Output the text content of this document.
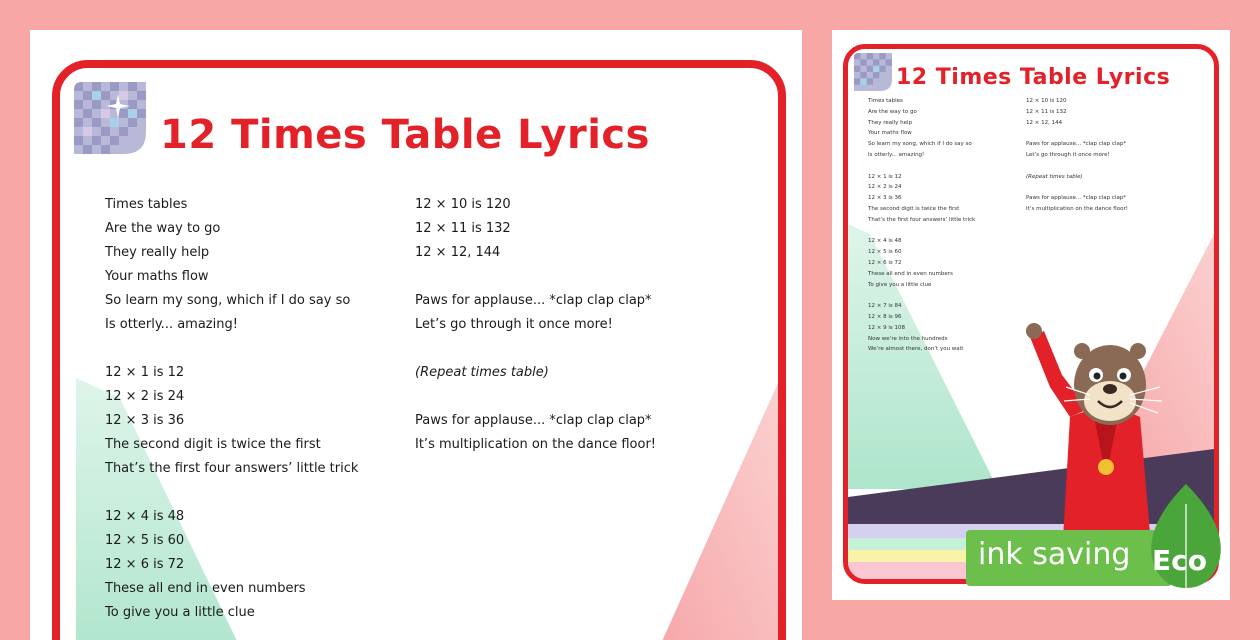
12 Times Table Lyrics
Times tables
Are the way to go
They really help
Your maths flow
So learn my song, which if I do say so
Is otterly... amazing!
12 × 1 is 12
12 × 2 is 24
12 × 3 is 36
The second digit is twice the first
That’s the first four answers’ little trick
12 × 4 is 48
12 × 5 is 60
12 × 6 is 72
These all end in even numbers
To give you a little clue
12 × 10 is 120
12 × 11 is 132
12 × 12, 144
Paws for applause... *clap clap clap*
Let’s go through it once more!
(Repeat times table)
Paws for applause... *clap clap clap*
It’s multiplication on the dance floor!
12 Times Table Lyrics
Times tables
Are the way to go
They really help
Your maths flow
So learn my song, which if I do say so
Is otterly... amazing!
12 × 1 is 12
12 × 2 is 24
12 × 3 is 36
The second digit is twice the first
That’s the first four answers’ little trick
12 × 4 is 48
12 × 5 is 60
12 × 6 is 72
These all end in even numbers
To give you a little clue
12 × 7 is 84
12 × 8 is 96
12 × 9 is 108
Now we’re into the hundreds
We’re almost there, don’t you wait
12 × 10 is 120
12 × 11 is 132
12 × 12, 144
Paws for applause... *clap clap clap*
Let’s go through it once more!
(Repeat times table)
Paws for applause... *clap clap clap*
It’s multiplication on the dance floor!
ink saving Eco
